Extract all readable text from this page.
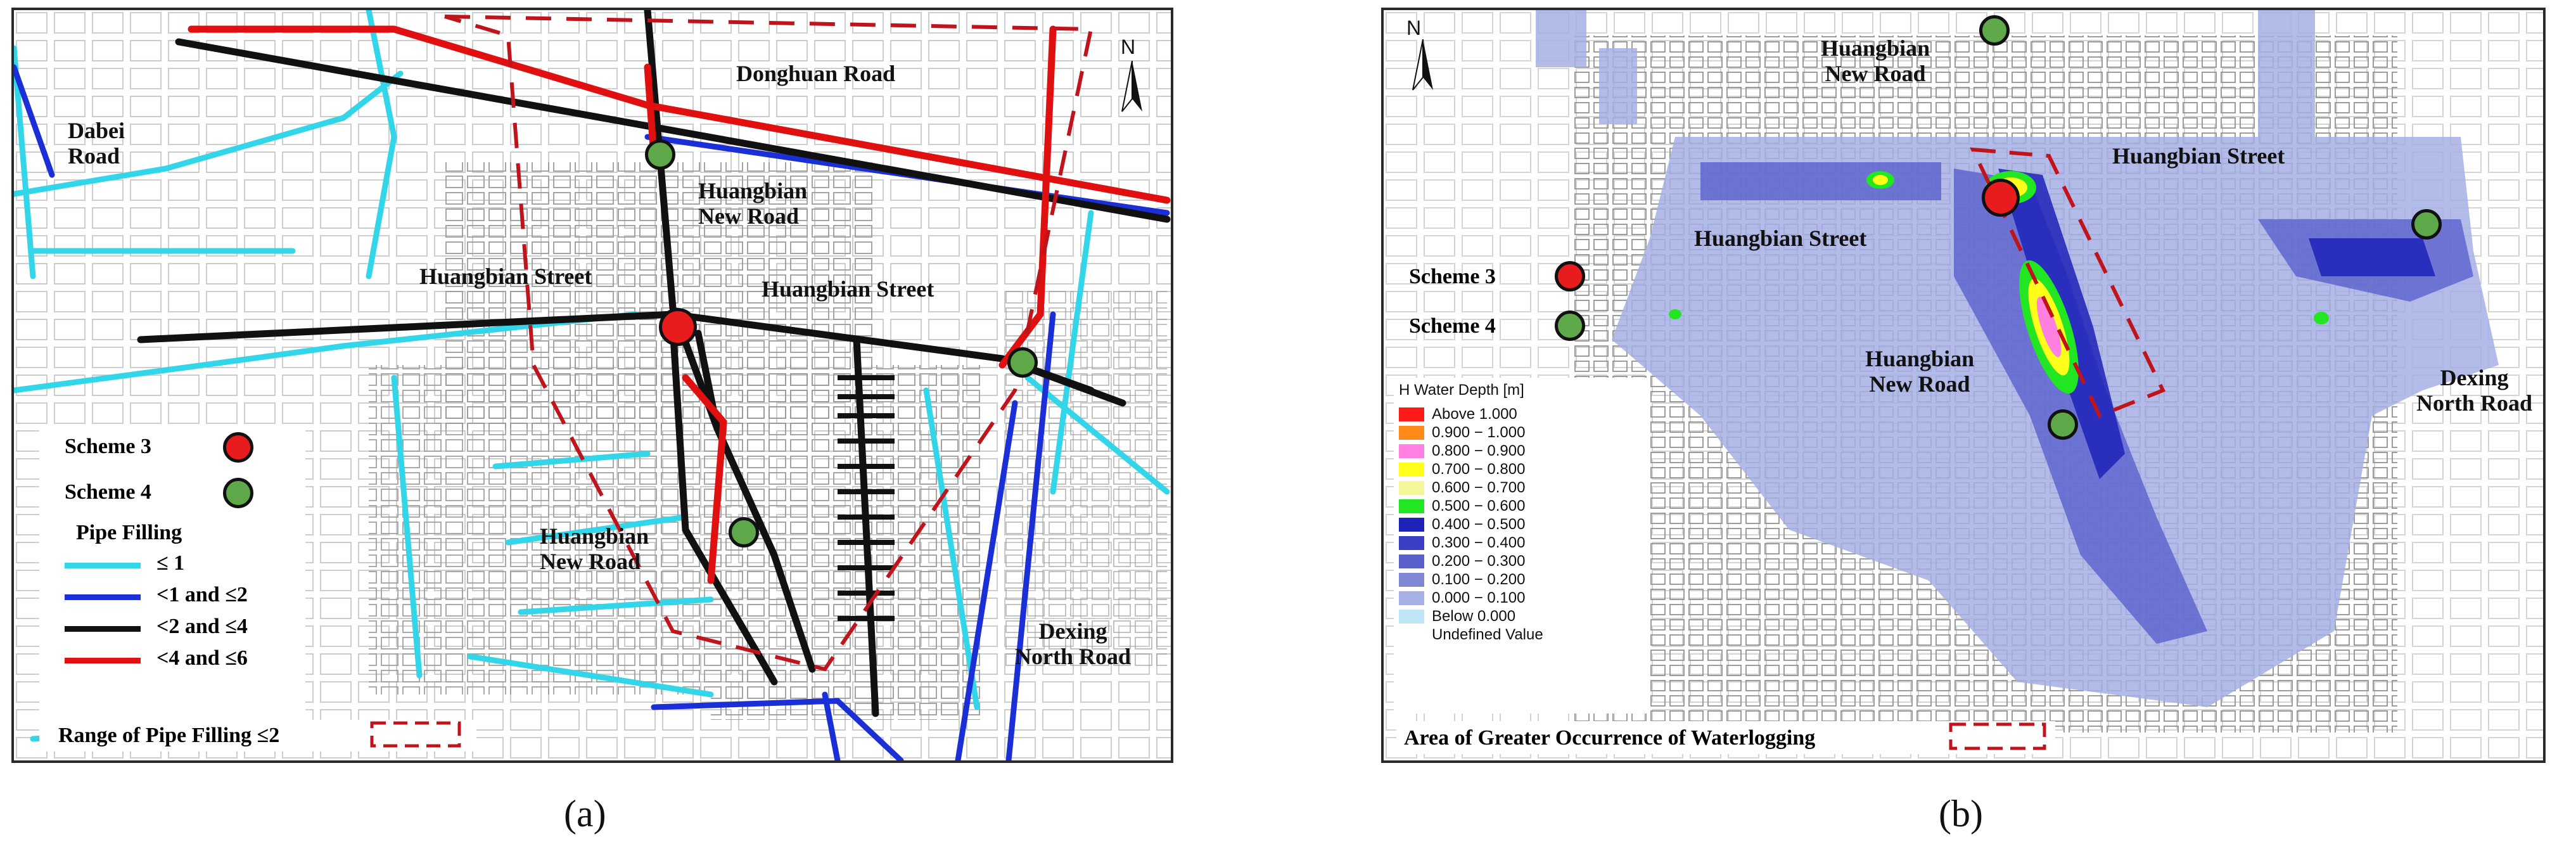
Dabei
Road
Donghuan Road
Huangbian
New Road
Huangbian Street	Huangbian Street
Huangbian
New Road
Dexing
North Road
N
Scheme 3
Scheme 4
Pipe Filling
≤ 1
<1 and ≤2
<2 and ≤4
<4 and ≤6
Range of Pipe Filling ≤2
Huangbian
New Road
Huangbian Street
Huangbian Street
Huangbian
New Road	Dexing
North Road
Scheme 3
Scheme 4
N
H Water Depth [m]
Above 1.000
0.900 − 1.000
0.800 − 0.900
0.700 − 0.800
0.600 − 0.700
0.500 − 0.600
0.400 − 0.500
0.300 − 0.400
0.200 − 0.300
0.100 − 0.200
0.000 − 0.100
Below 0.000
Undefined Value
Area of Greater Occurrence of Waterlogging
(a)	(b)
